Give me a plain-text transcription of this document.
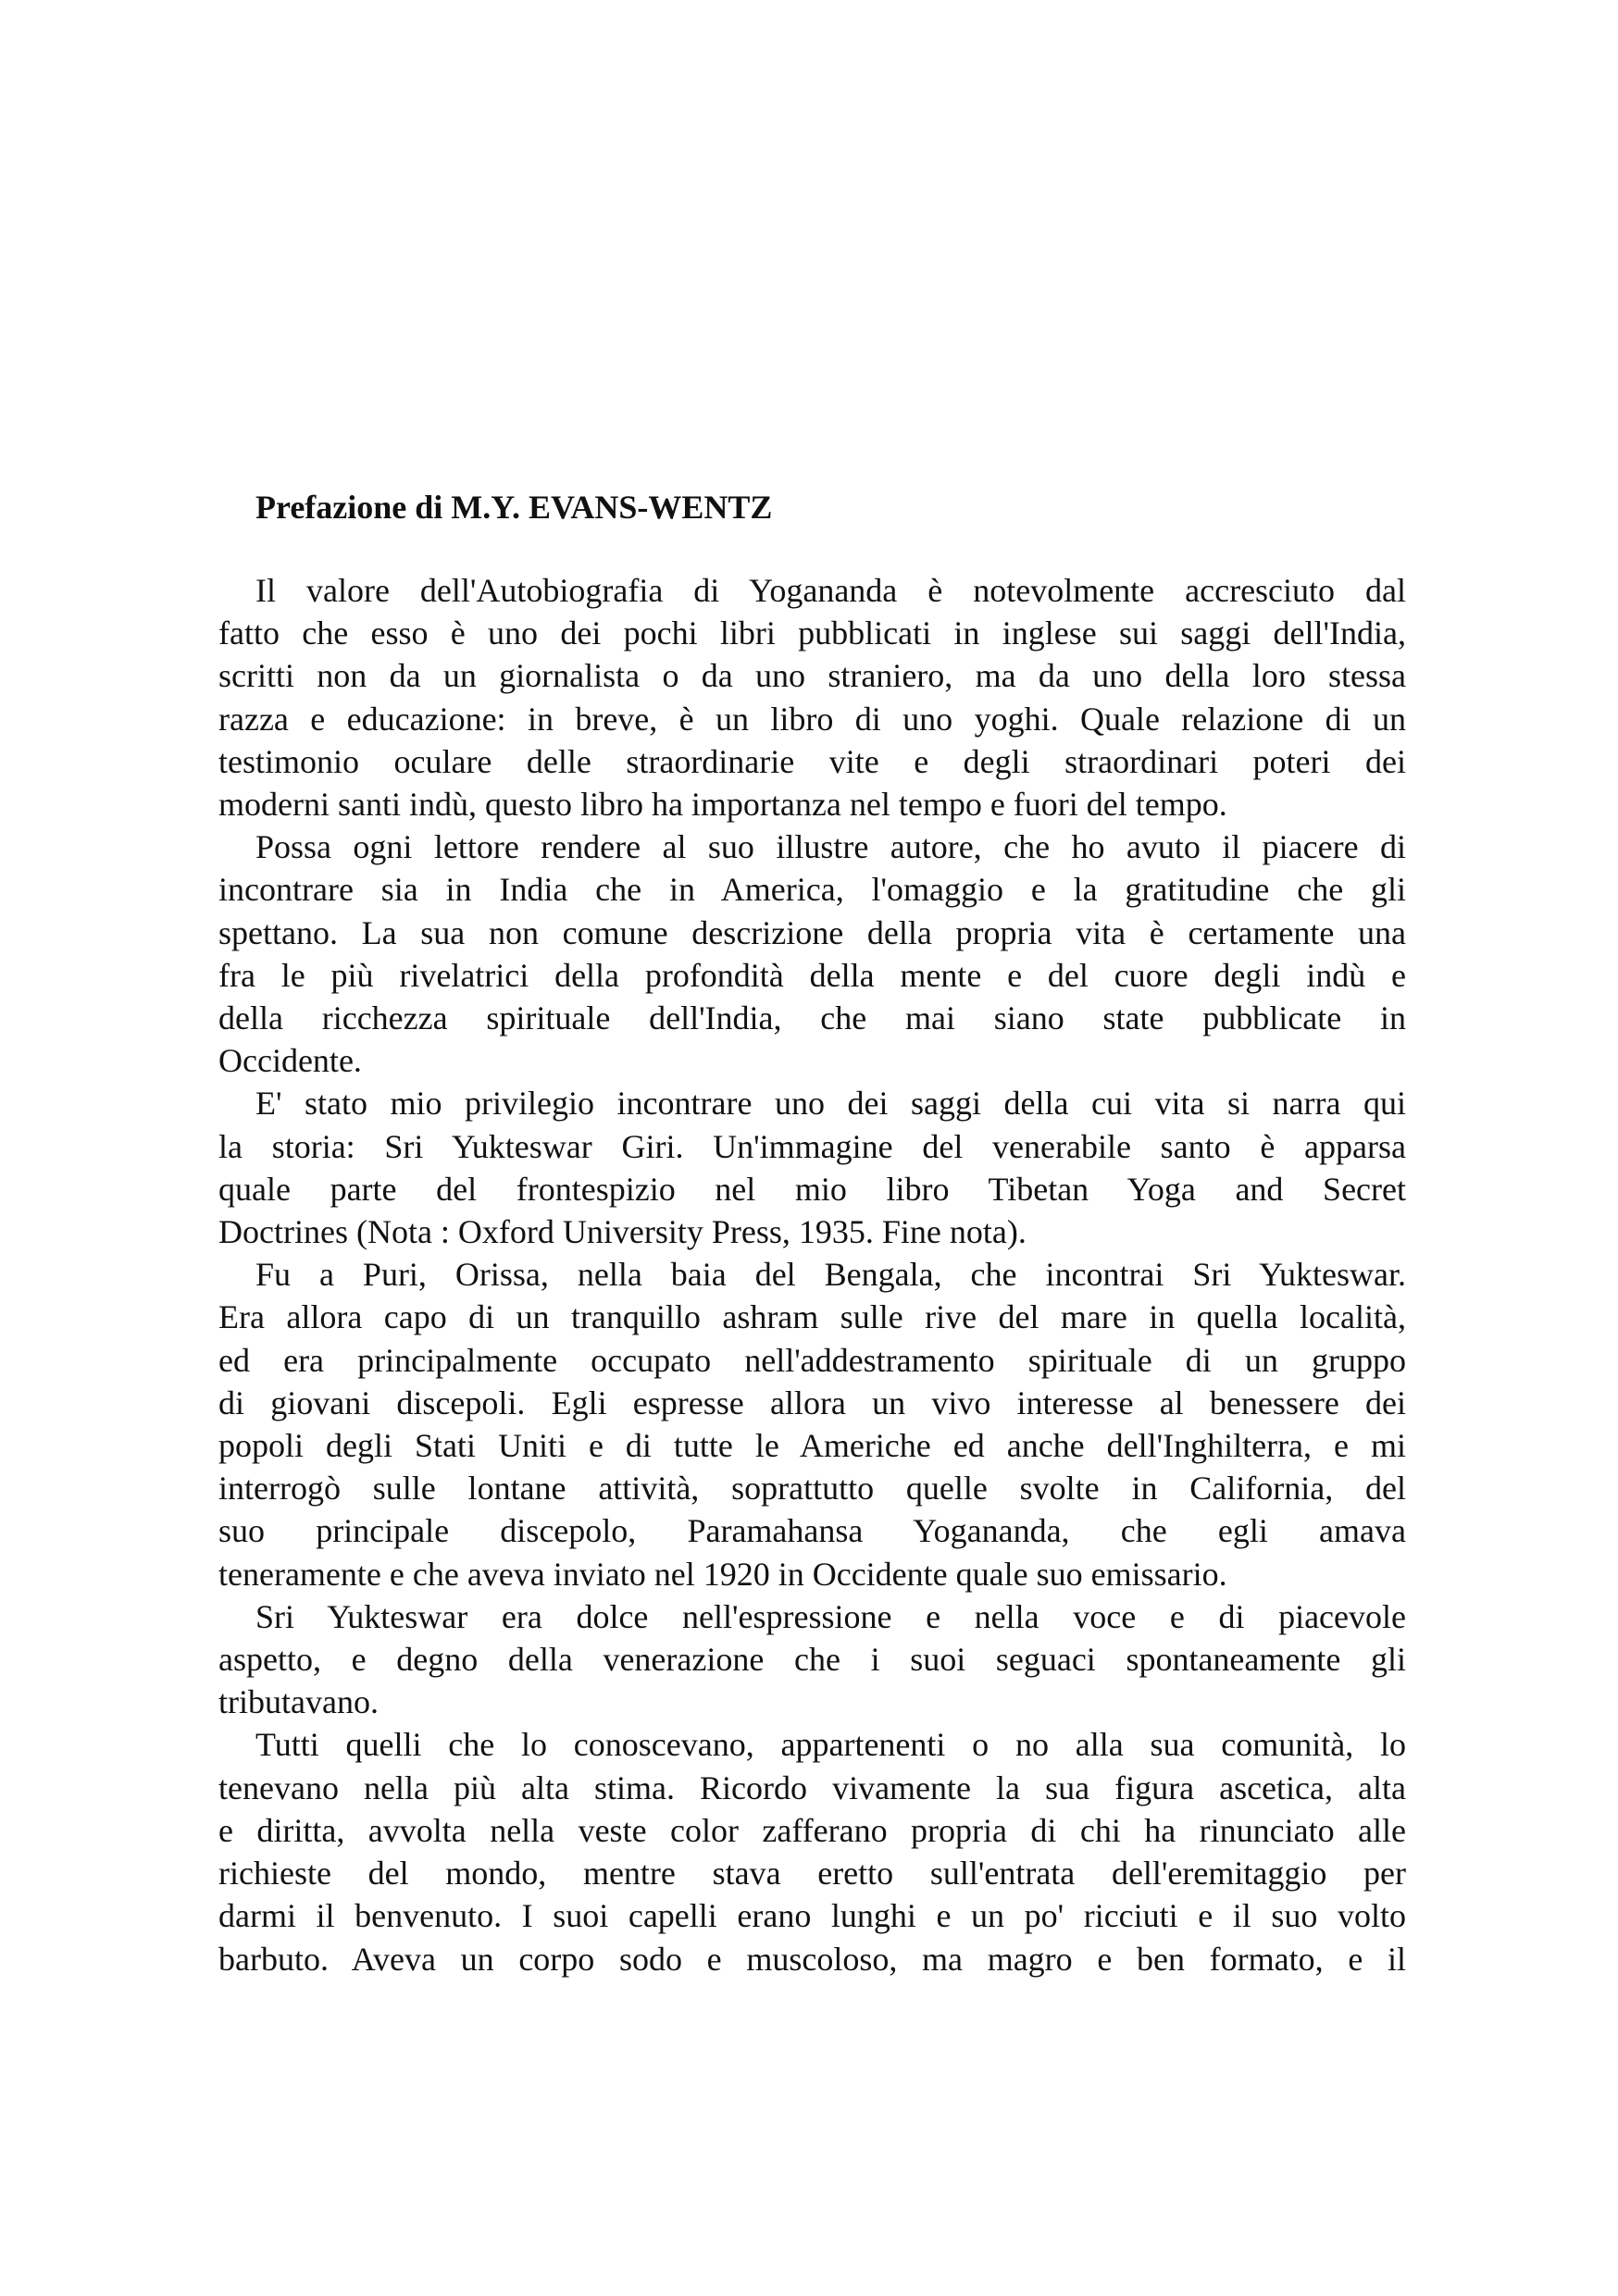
Prefazione di M.Y. EVANS-WENTZ
Il valore dell'Autobiografia di Yogananda è notevolmente accresciuto dal
fatto che esso è uno dei pochi libri pubblicati in inglese sui saggi dell'India,
scritti non da un giornalista o da uno straniero, ma da uno della loro stessa
razza e educazione: in breve, è un libro di uno yoghi. Quale relazione di un
testimonio oculare delle straordinarie vite e degli straordinari poteri dei
moderni santi indù, questo libro ha importanza nel tempo e fuori del tempo.
Possa ogni lettore rendere al suo illustre autore, che ho avuto il piacere di
incontrare sia in India che in America, l'omaggio e la gratitudine che gli
spettano. La sua non comune descrizione della propria vita è certamente una
fra le più rivelatrici della profondità della mente e del cuore degli indù e
della ricchezza spirituale dell'India, che mai siano state pubblicate in
Occidente.
E' stato mio privilegio incontrare uno dei saggi della cui vita si narra qui
la storia: Sri Yukteswar Giri. Un'immagine del venerabile santo è apparsa
quale parte del frontespizio nel mio libro Tibetan Yoga and Secret
Doctrines (Nota : Oxford University Press, 1935. Fine nota).
Fu a Puri, Orissa, nella baia del Bengala, che incontrai Sri Yukteswar.
Era allora capo di un tranquillo ashram sulle rive del mare in quella località,
ed era principalmente occupato nell'addestramento spirituale di un gruppo
di giovani discepoli. Egli espresse allora un vivo interesse al benessere dei
popoli degli Stati Uniti e di tutte le Americhe ed anche dell'Inghilterra, e mi
interrogò sulle lontane attività, soprattutto quelle svolte in California, del
suo principale discepolo, Paramahansa Yogananda, che egli amava
teneramente e che aveva inviato nel 1920 in Occidente quale suo emissario.
Sri Yukteswar era dolce nell'espressione e nella voce e di piacevole
aspetto, e degno della venerazione che i suoi seguaci spontaneamente gli
tributavano.
Tutti quelli che lo conoscevano, appartenenti o no alla sua comunità, lo
tenevano nella più alta stima. Ricordo vivamente la sua figura ascetica, alta
e diritta, avvolta nella veste color zafferano propria di chi ha rinunciato alle
richieste del mondo, mentre stava eretto sull'entrata dell'eremitaggio per
darmi il benvenuto. I suoi capelli erano lunghi e un po' ricciuti e il suo volto
barbuto. Aveva un corpo sodo e muscoloso, ma magro e ben formato, e il
